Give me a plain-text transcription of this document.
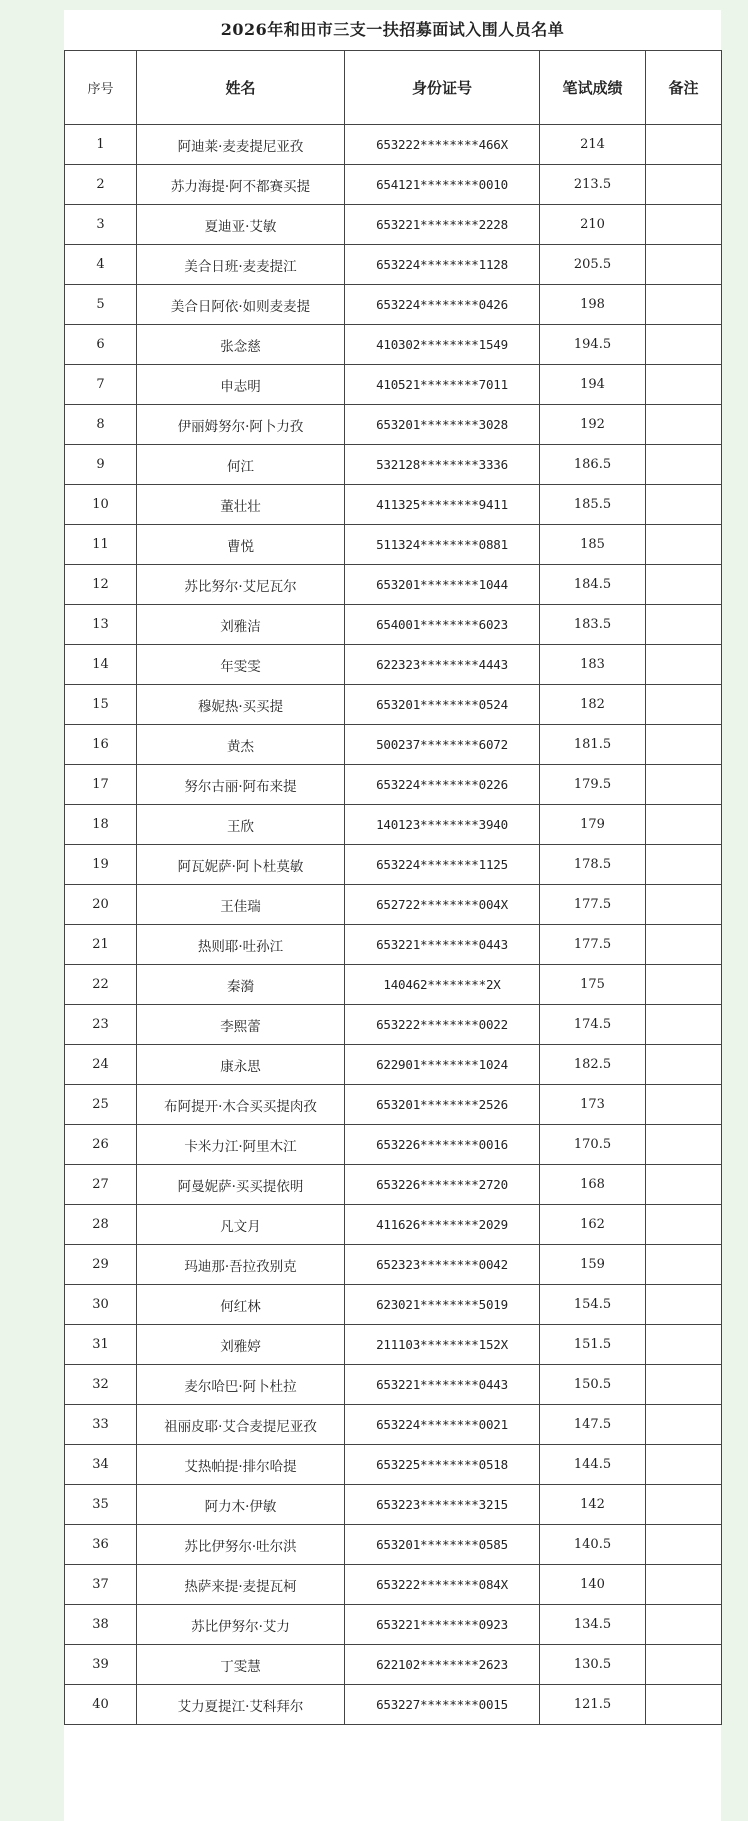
2026年和田市三支一扶招募面试入围人员名单
序号	姓名	身份证号	笔试成绩	备注
1	阿迪莱·麦麦提尼亚孜	653222********466X	214	
2	苏力海提·阿不都赛买提	654121********0010	213.5	
3	夏迪亚·艾敏	653221********2228	210	
4	美合日班·麦麦提江	653224********1128	205.5	
5	美合日阿依·如则麦麦提	653224********0426	198	
6	张念慈	410302********1549	194.5	
7	申志明	410521********7011	194	
8	伊丽姆努尔·阿卜力孜	653201********3028	192	
9	何江	532128********3336	186.5	
10	董壮壮	411325********9411	185.5	
11	曹悦	511324********0881	185	
12	苏比努尔·艾尼瓦尔	653201********1044	184.5	
13	刘雅洁	654001********6023	183.5	
14	年雯雯	622323********4443	183	
15	穆妮热·买买提	653201********0524	182	
16	黄杰	500237********6072	181.5	
17	努尔古丽·阿布来提	653224********0226	179.5	
18	王欣	140123********3940	179	
19	阿瓦妮萨·阿卜杜莫敏	653224********1125	178.5	
20	王佳瑞	652722********004X	177.5	
21	热则耶·吐孙江	653221********0443	177.5	
22	秦漪	140462********2X	175	
23	李熙蕾	653222********0022	174.5	
24	康永思	622901********1024	182.5	
25	布阿提开·木合买买提肉孜	653201********2526	173	
26	卡米力江·阿里木江	653226********0016	170.5	
27	阿曼妮萨·买买提依明	653226********2720	168	
28	凡文月	411626********2029	162	
29	玛迪那·吾拉孜别克	652323********0042	159	
30	何红林	623021********5019	154.5	
31	刘雅婷	211103********152X	151.5	
32	麦尔哈巴·阿卜杜拉	653221********0443	150.5	
33	祖丽皮耶·艾合麦提尼亚孜	653224********0021	147.5	
34	艾热帕提·排尔哈提	653225********0518	144.5	
35	阿力木·伊敏	653223********3215	142	
36	苏比伊努尔·吐尔洪	653201********0585	140.5	
37	热萨来提·麦提瓦柯	653222********084X	140	
38	苏比伊努尔·艾力	653221********0923	134.5	
39	丁雯慧	622102********2623	130.5	
40	艾力夏提江·艾科拜尔	653227********0015	121.5	
